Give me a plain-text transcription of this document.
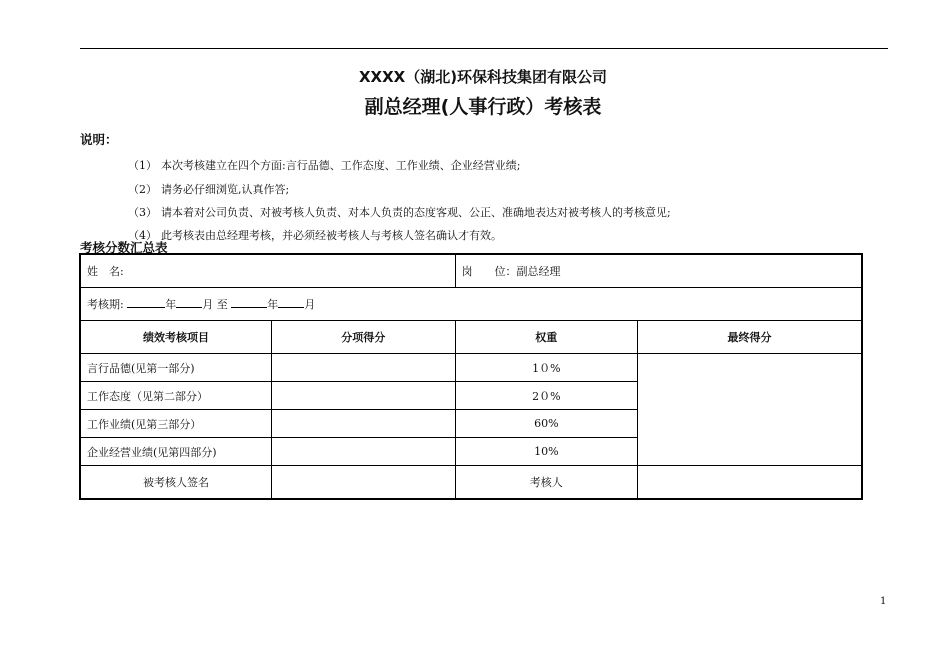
XXXX（湖北)环保科技集团有限公司
副总经理(人事行政）考核表
说明：
（1） 本次考核建立在四个方面:言行品德、工作态度、工作业绩、企业经营业绩;
（2） 请务必仔细浏览,认真作答;
（3） 请本着对公司负责、对被考核人负责、对本人负责的态度客观、公正、准确地表达对被考核人的考核意见;
（4） 此考核表由总经理考核，并必须经被考核人与考核人签名确认才有效。
考核分数汇总表
姓　名:		岗　　位：副总经理	
考核期: 年 月 至 年 月			
绩效考核项目	分项得分	权重	最终得分
言行品德(见第一部分)		1０%	
工作态度（见第二部分）		2０%	
工作业绩(见第三部分）		60%	
企业经营业绩(见第四部分)		10%	
被考核人签名		考核人	
1
